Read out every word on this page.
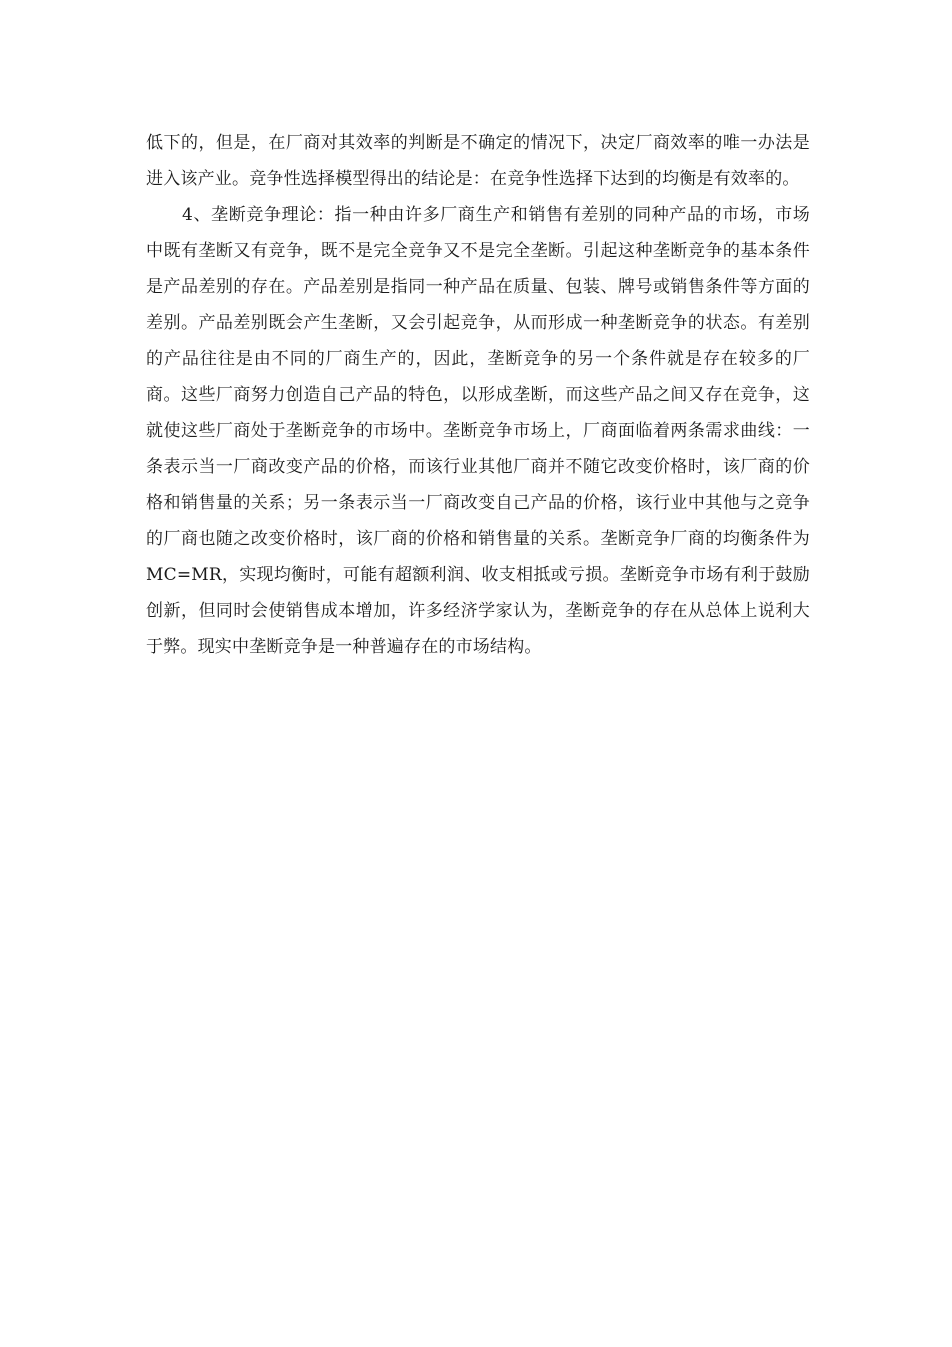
低下的，但是，在厂商对其效率的判断是不确定的情况下，决定厂商效率的唯一办法是进入该产业。竞争性选择模型得出的结论是：在竞争性选择下达到的均衡是有效率的。

4、垄断竞争理论：指一种由许多厂商生产和销售有差别的同种产品的市场，市场中既有垄断又有竞争，既不是完全竞争又不是完全垄断。引起这种垄断竞争的基本条件是产品差别的存在。产品差别是指同一种产品在质量、包装、牌号或销售条件等方面的差别。产品差别既会产生垄断，又会引起竞争，从而形成一种垄断竞争的状态。有差别的产品往往是由不同的厂商生产的，因此，垄断竞争的另一个条件就是存在较多的厂商。这些厂商努力创造自己产品的特色，以形成垄断，而这些产品之间又存在竞争，这就使这些厂商处于垄断竞争的市场中。垄断竞争市场上，厂商面临着两条需求曲线：一条表示当一厂商改变产品的价格，而该行业其他厂商并不随它改变价格时，该厂商的价格和销售量的关系；另一条表示当一厂商改变自己产品的价格，该行业中其他与之竞争的厂商也随之改变价格时，该厂商的价格和销售量的关系。垄断竞争厂商的均衡条件为MC=MR，实现均衡时，可能有超额利润、收支相抵或亏损。垄断竞争市场有利于鼓励创新，但同时会使销售成本增加，许多经济学家认为，垄断竞争的存在从总体上说利大于弊。现实中垄断竞争是一种普遍存在的市场结构。
